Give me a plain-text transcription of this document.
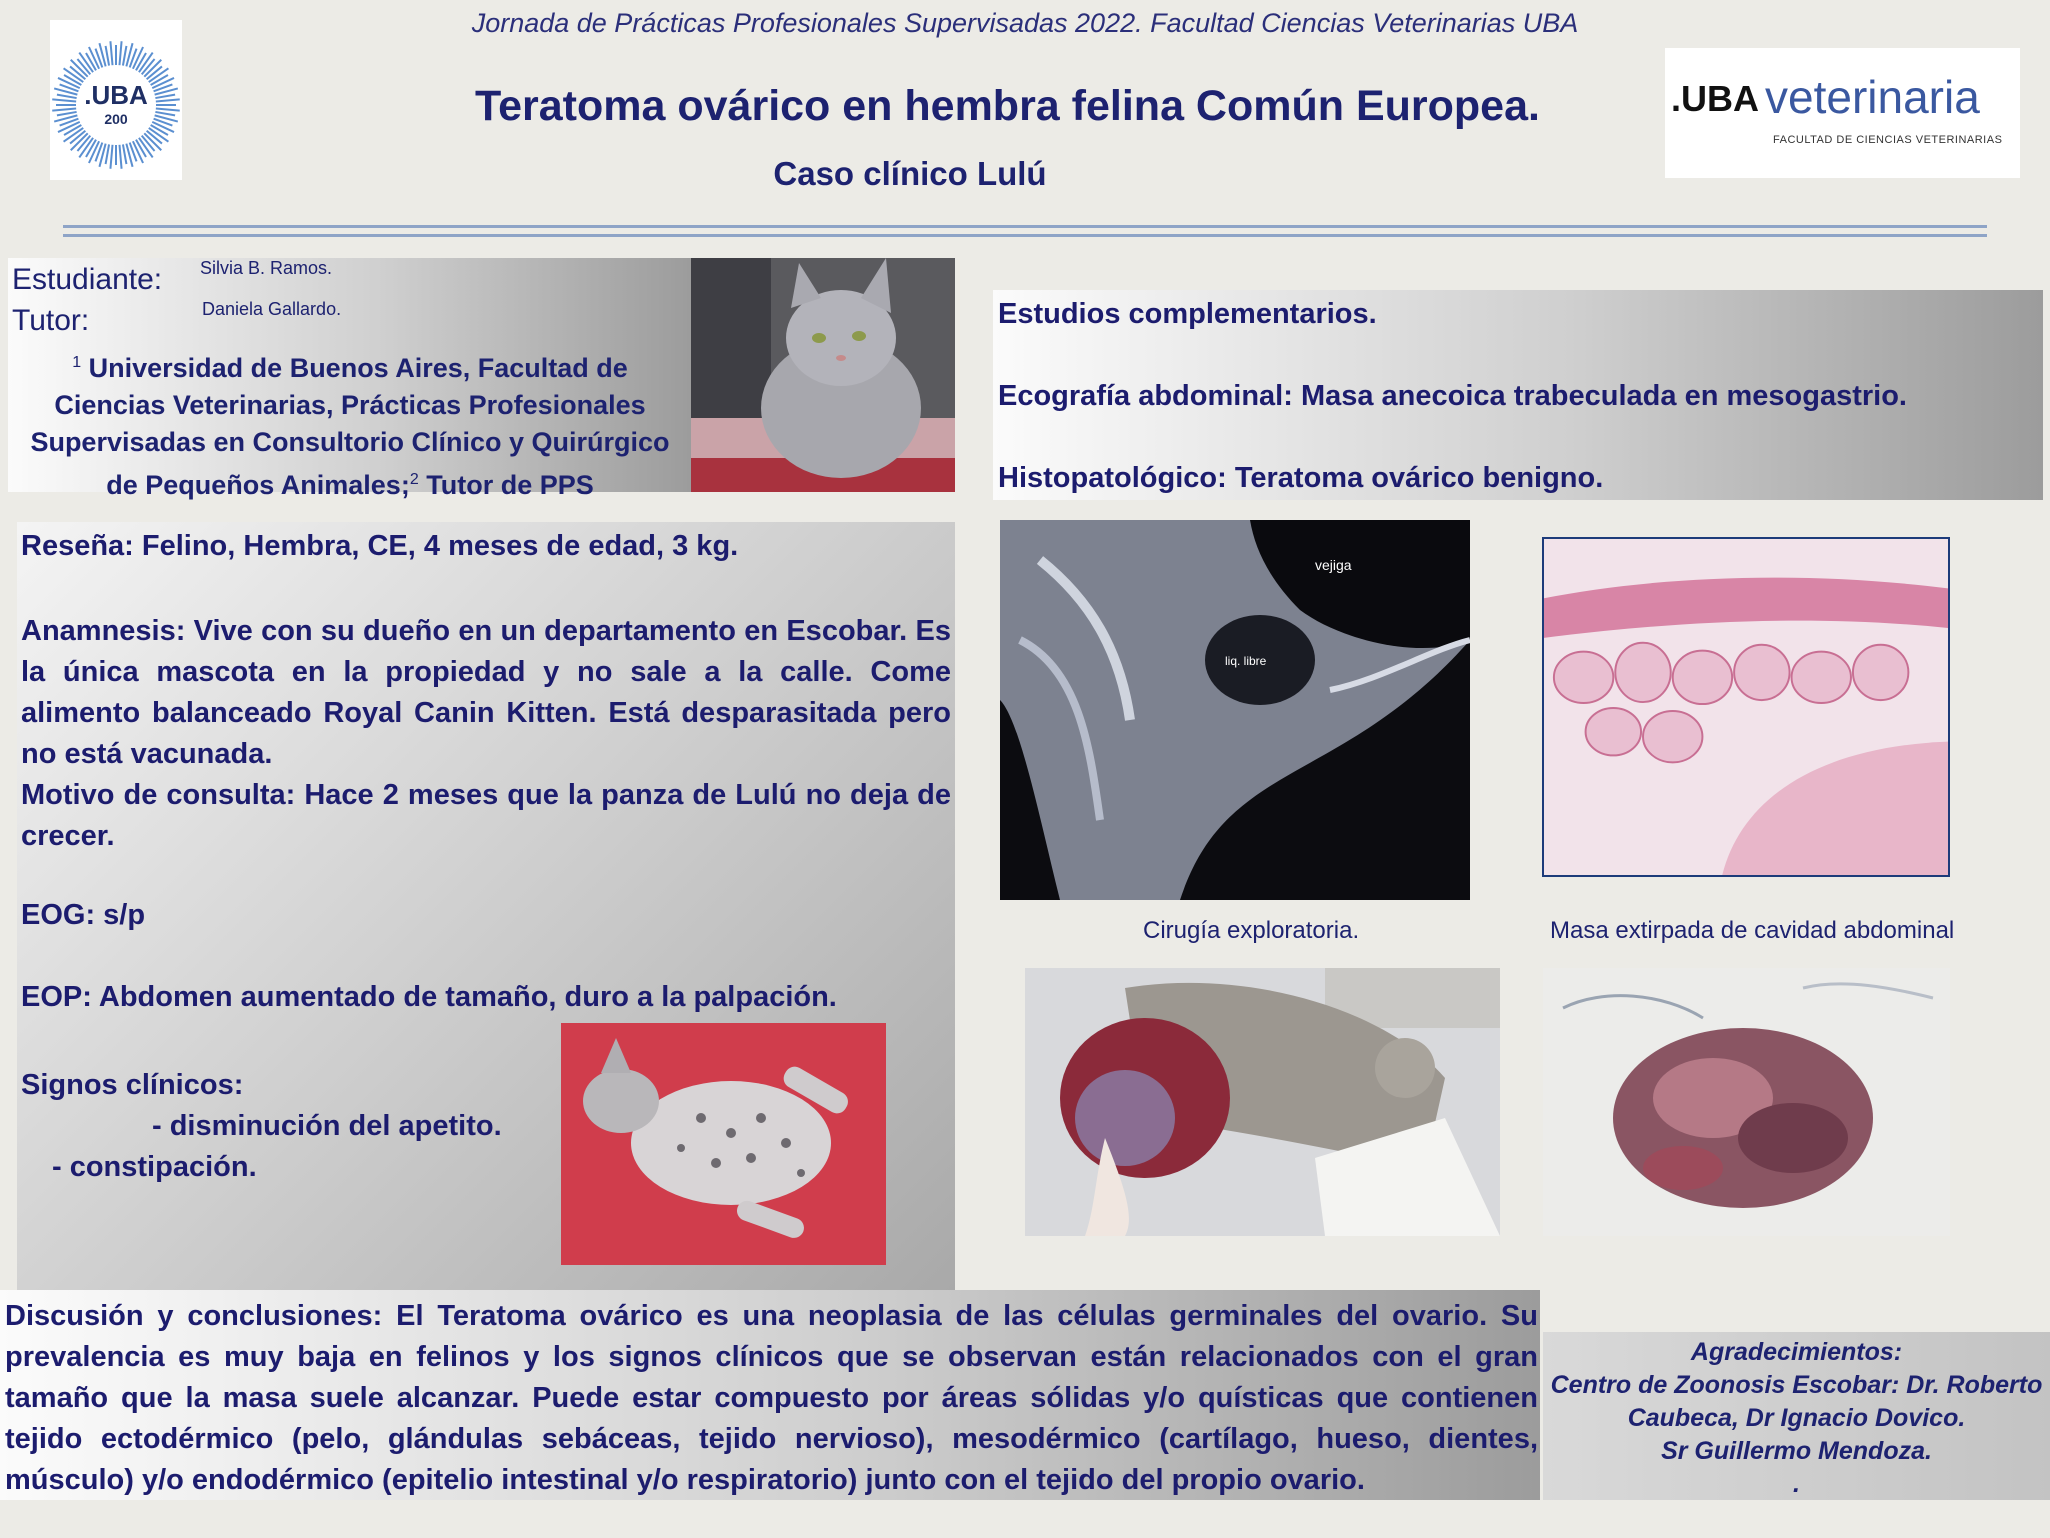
Jornada de Prácticas Profesionales Supervisadas 2022. Facultad Ciencias Veterinarias UBA
.UBA
200	Teratoma ovárico en hembra felina Común Europea.
Caso clínico Lulú
.UBA veterinaria
FACULTAD DE CIENCIAS VETERINARIAS
Estudiante: Silvia B. Ramos.
Tutor:	Daniela Gallardo.
$^1$ Universidad de Buenos Aires, Facultad de Ciencias Veterinarias, Prácticas Profesionales Supervisadas en Consultorio Clínico y Quirúrgico de Pequeños Animales;$^2$ Tutor de PPS
Estudios complementarios.
Ecografía abdominal: Masa anecoica trabeculada en mesogastrio.
Histopatológico: Teratoma ovárico benigno.
Reseña: Felino, Hembra, CE, 4 meses de edad, 3 kg.
Anamnesis: Vive con su dueño en un departamento en Escobar. Es la única mascota en la propiedad y no sale a la calle. Come alimento balanceado Royal Canin Kitten. Está desparasitada pero no está vacunada.
Motivo de consulta: Hace 2 meses que la panza de Lulú no deja de crecer.
EOG: s/p
EOP: Abdomen aumentado de tamaño, duro a la palpación.
Signos clínicos:
- disminución del apetito.
- constipación.
vejiga
liq. libre
Cirugía exploratoria.	Masa extirpada de cavidad abdominal
Discusión y conclusiones: El Teratoma ovárico es una neoplasia de las células germinales del ovario. Su prevalencia es muy baja en felinos y los signos clínicos que se observan están relacionados con el gran tamaño que la masa suele alcanzar. Puede estar compuesto por áreas sólidas y/o quísticas que contienen tejido ectodérmico (pelo, glándulas sebáceas, tejido nervioso), mesodérmico (cartílago, hueso, dientes, músculo) y/o endodérmico (epitelio intestinal y/o respiratorio) junto con el tejido del propio ovario.
Agradecimientos:
Centro de Zoonosis Escobar: Dr. Roberto
Caubeca, Dr Ignacio Dovico.
Sr Guillermo Mendoza.
.
